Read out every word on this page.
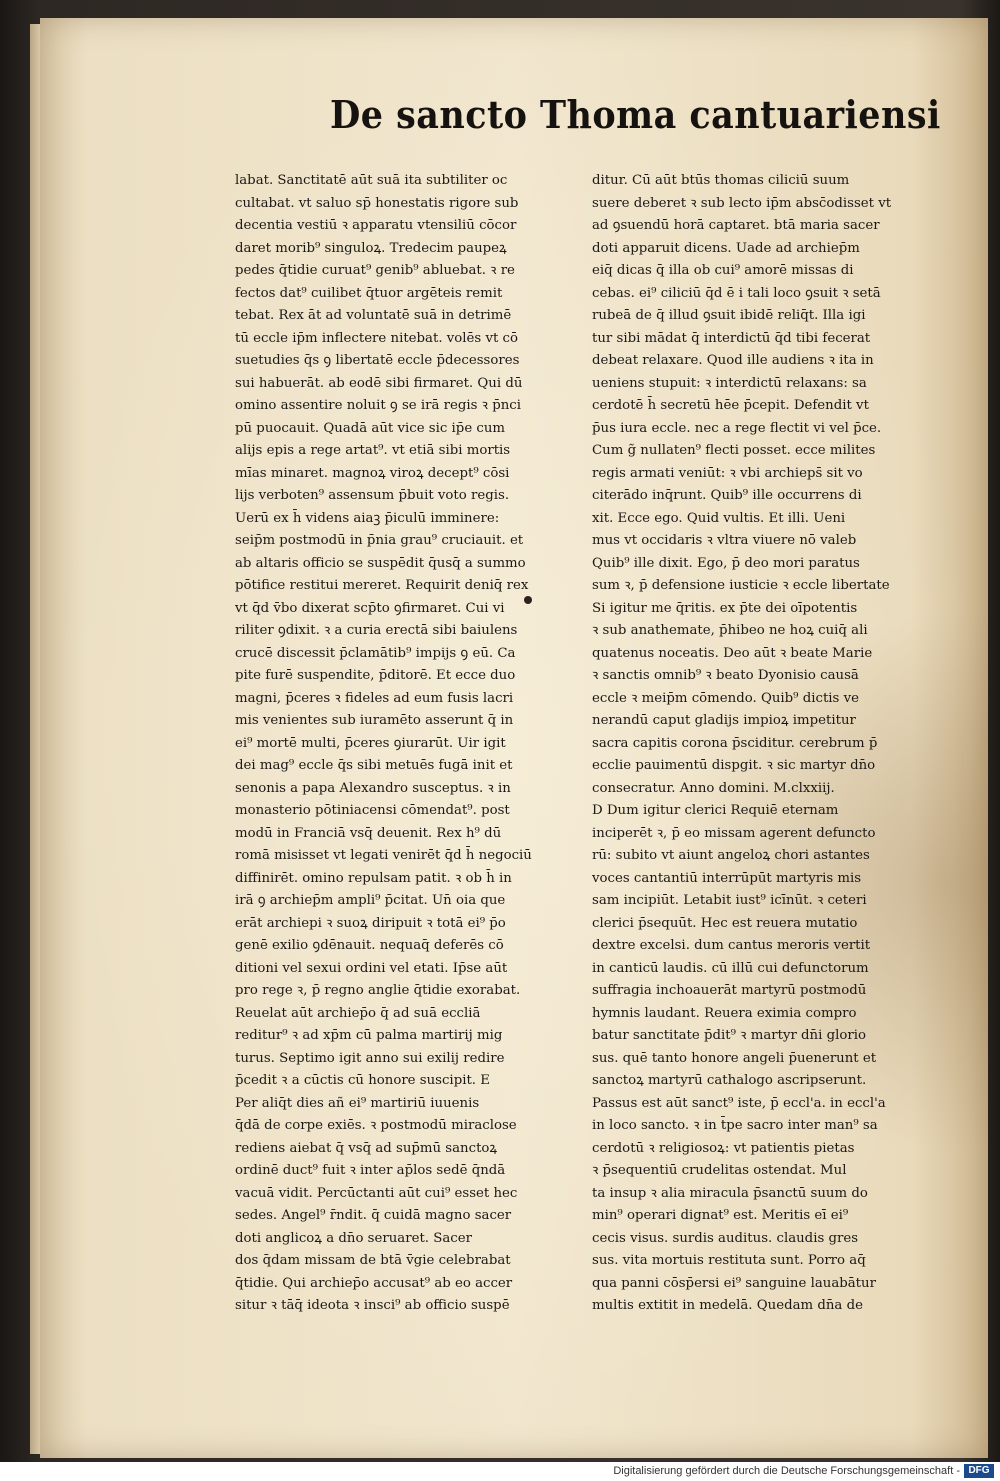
De sancto Thoma cantuariensi
labat. Sanctitatē aūt suā ita subtiliter oc
cultabat. vt saluo sp̄ honestatis rigore sub
decentia vestiū ꝛ apparatu vtensiliū cōcor
daret morib⁹ singuloꝝ. Tredecim paupeꝝ
pedes q̄tidie curuat⁹ genib⁹ abluebat. ꝛ re
fectos dat⁹ cuilibet q̄tuor argēteis remit
tebat. Rex āt ad voluntatē suā in detrimē
tū eccle ip̄m inflectere nitebat. volēs vt cō
suetudies q̄s ꝯ libertatē eccle p̄decessores
sui habuerāt. ab eodē sibi firmaret. Qui dū
omino assentire noluit ꝯ se irā regis ꝛ p̄nci
pū puocauit. Quadā aūt vice sic ip̄e cum
alijs epis a rege artat⁹. vt etiā sibi mortis
mīas minaret. magnoꝝ viroꝝ decept⁹ cōsi
lijs verboten⁹ assensum p̄buit voto regis.
Uerū ex h̄ videns aiaꝫ p̄iculū imminere:
seip̄m postmodū in p̄nia grau⁹ cruciauit. et
ab altaris officio se suspēdit q̄usq̄ a summo
pōtifice restitui mereret. Requirit deniq̄ rex
vt q̄d v̄bo dixerat scp̄to ꝯfirmaret. Cui vi
riliter ꝯdixit. ꝛ a curia erectā sibi baiulens
crucē discessit p̄clamātib⁹ impijs ꝯ eū. Ca
pite furē suspendite, p̄ditorē. Et ecce duo
magni, p̄ceres ꝛ fideles ad eum fusis lacri
mis venientes sub iuramēto asserunt q̄ in
ei⁹ mortē multi, p̄ceres ꝯiurarūt. Uir igit
dei mag⁹ eccle q̄s sibi metuēs fugā init et
senonis a papa Alexandro susceptus. ꝛ in
monasterio pōtiniacensi cōmendat⁹. post
modū in Franciā vsq̄ deuenit. Rex h⁹ dū
romā misisset vt legati venirēt q̄d h̄ negociū
diffinirēt. omino repulsam patit. ꝛ ob h̄ in
irā ꝯ archiep̄m ampli⁹ p̄citat. Un̄ oia que
erāt archiepi ꝛ suoꝝ diripuit ꝛ totā ei⁹ p̄o
genē exilio ꝯdēnauit. nequaq̄ deferēs cō
ditioni vel sexui ordini vel etati. Ip̄se aūt
pro rege ꝛ, p̄ regno anglie q̄tidie exorabat.
Reuelat aūt archiep̄o q̄ ad suā eccliā
reditur⁹ ꝛ ad xp̄m cū palma martirij mig
turus. Septimo igit anno sui exilij redire
p̄cedit ꝛ a cūctis cū honore suscipit. E
Per aliq̄t dies añ ei⁹ martiriū iuuenis
q̄dā de corpe exiēs. ꝛ postmodū miraclose
rediens aiebat q̄ vsq̄ ad sup̄mū sanctoꝝ
ordinē duct⁹ fuit ꝛ inter ap̄los sedē q̄ndā
vacuā vidit. Percūctanti aūt cui⁹ esset hec
sedes. Angel⁹ r̄ndit. q̄ cuidā magno sacer
doti anglicoꝝ a dn̄o seruaret. Sacer
dos q̄dam missam de btā v̄gie celebrabat
q̄tidie. Qui archiep̄o accusat⁹ ab eo accer
situr ꝛ tāq̄ ideota ꝛ insci⁹ ab officio suspē
ditur. Cū aūt btūs thomas ciliciū suum
suere deberet ꝛ sub lecto ip̄m absc̄odisset vt
ad ꝯsuendū horā captaret. btā maria sacer
doti apparuit dicens. Uade ad archiep̄m
eiq̄ dicas q̄ illa ob cui⁹ amorē missas di
cebas. ei⁹ ciliciū q̄d ē i tali loco ꝯsuit ꝛ setā
rubeā de q̄ illud ꝯsuit ibidē reliq̄t. Illa igi
tur sibi mādat q̄ interdictū q̄d tibi fecerat
debeat relaxare. Quod ille audiens ꝛ ita in
ueniens stupuit: ꝛ interdictū relaxans: sa
cerdotē h̄ secretū hēe p̄cepit. Defendit vt
p̄us iura eccle. nec a rege flectit vi vel p̄ce.
Cum g̃ nullaten⁹ flecti posset. ecce milites
regis armati veniūt: ꝛ vbi archieps̄ sit vo
citerādo inq̄runt. Quib⁹ ille occurrens di
xit. Ecce ego. Quid vultis. Et illi. Ueni
mus vt occidaris ꝛ vltra viuere nō valeb
Quib⁹ ille dixit. Ego, p̄ deo mori paratus
sum ꝛ, p̄ defensione iusticie ꝛ eccle libertate
Si igitur me q̄ritis. ex p̄te dei oīpotentis
ꝛ sub anathemate, p̄hibeo ne hoꝝ cuiq̄ ali
quatenus noceatis. Deo aūt ꝛ beate Marie
ꝛ sanctis omnib⁹ ꝛ beato Dyonisio causā
eccle ꝛ meip̄m cōmendo. Quib⁹ dictis ve
nerandū caput gladijs impioꝝ impetitur
sacra capitis corona p̄sciditur. cerebrum p̄
ecclie pauimentū dispgit. ꝛ sic martyr dn̄o
consecratur. Anno domini. M.clxxiij.
D Dum igitur clerici Requiē eternam
inciperēt ꝛ, p̄ eo missam agerent defuncto
rū: subito vt aiunt angeloꝝ chori astantes
voces cantantiū interrūpūt martyris mis
sam incipiūt. Letabit iust⁹ icīnūt. ꝛ ceteri
clerici p̄sequūt. Hec est reuera mutatio
dextre excelsi. dum cantus meroris vertit
in canticū laudis. cū illū cui defunctorum
suffragia inchoauerāt martyrū postmodū
hymnis laudant. Reuera eximia compro
batur sanctitate p̄dit⁹ ꝛ martyr dn̄i glorio
sus. quē tanto honore angeli p̄uenerunt et
sanctoꝝ martyrū cathalogo ascripserunt.
Passus est aūt sanct⁹ iste, p̄ eccl'a. in eccl'a
in loco sancto. ꝛ in t̄pe sacro inter man⁹ sa
cerdotū ꝛ religiosoꝝ: vt patientis pietas
ꝛ p̄sequentiū crudelitas ostendat. Mul
ta insup ꝛ alia miracula p̄sanctū suum do
min⁹ operari dignat⁹ est. Meritis eī ei⁹
cecis visus. surdis auditus. claudis gres
sus. vita mortuis restituta sunt. Porro aq̄
qua panni cōsp̄ersi ei⁹ sanguine lauabātur
multis extitit in medelā. Quedam dn̄a de
Digitalisierung gefördert durch die Deutsche Forschungsgemeinschaft - DFG
